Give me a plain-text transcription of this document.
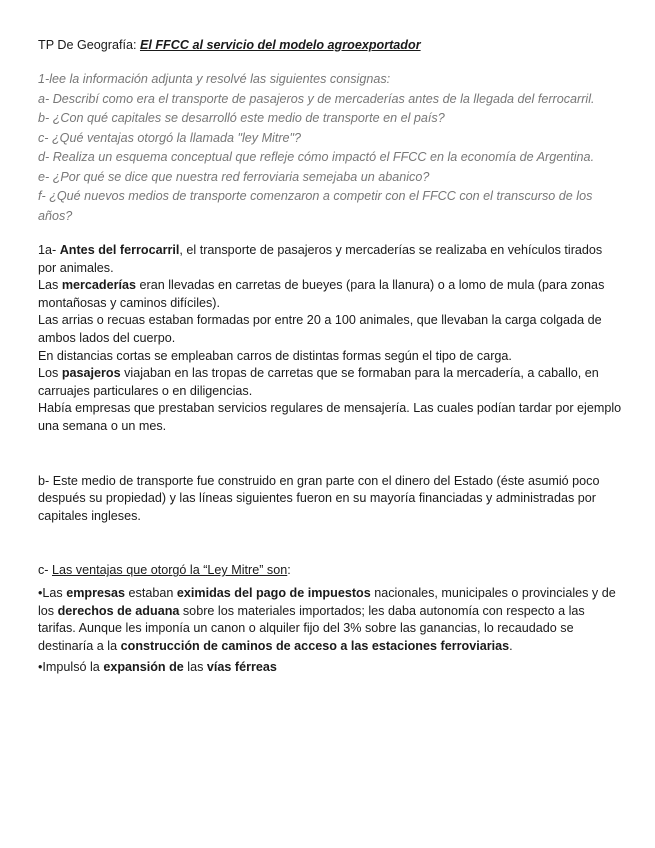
TP De Geografía: El FFCC al servicio del modelo agroexportador

1-lee la información adjunta y resolvé las siguientes consignas:
a- Describí como era el transporte de pasajeros y de mercaderías antes de la llegada del ferrocarril.
b- ¿Con qué capitales se desarrolló este medio de transporte en el país?
c- ¿Qué ventajas otorgó la llamada "ley Mitre"?
d- Realiza un esquema conceptual que refleje cómo impactó el FFCC en la economía de Argentina.
e- ¿Por qué se dice que nuestra red ferroviaria semejaba un abanico?
f- ¿Qué nuevos medios de transporte comenzaron a competir con el FFCC con el transcurso de los años?

1a- Antes del ferrocarril, el transporte de pasajeros y mercaderías se realizaba en vehículos tirados por animales.

Las mercaderías eran llevadas en carretas de bueyes (para la llanura) o a lomo de mula (para zonas montañosas y caminos difíciles).

Las arrias o recuas estaban formadas por entre 20 a 100 animales, que llevaban la carga colgada de ambos lados del cuerpo.

En distancias cortas se empleaban carros de distintas formas según el tipo de carga.

Los pasajeros viajaban en las tropas de carretas que se formaban para la mercadería, a caballo, en carruajes particulares o en diligencias.

Había empresas que prestaban servicios regulares de mensajería. Las cuales podían tardar por ejemplo una semana o un mes.

b- Este medio de transporte fue construido en gran parte con el dinero del Estado (éste asumió poco después su propiedad) y las líneas siguientes fueron en su mayoría financiadas y administradas por capitales ingleses.

c- Las ventajas que otorgó la “Ley Mitre” son:

•Las empresas estaban eximidas del pago de impuestos nacionales, municipales o provinciales y de los derechos de aduana sobre los materiales importados; les daba autonomía con respecto a las tarifas. Aunque les imponía un canon o alquiler fijo del 3% sobre las ganancias, lo recaudado se destinaría a la construcción de caminos de acceso a las estaciones ferroviarias.

•Impulsó la expansión de las vías férreas
